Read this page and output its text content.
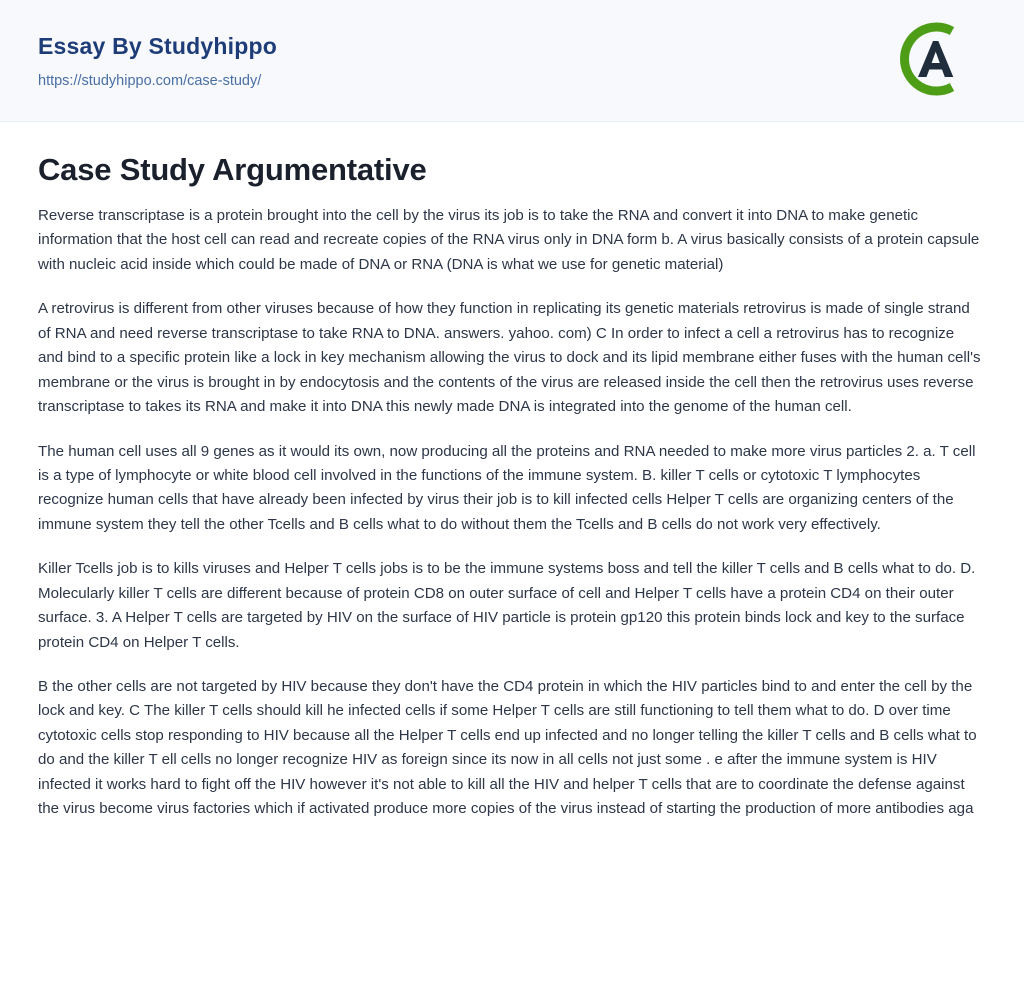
Essay By Studyhippo
https://studyhippo.com/case-study/
Case Study Argumentative

Reverse transcriptase is a protein brought into the cell by the virus its job is to take the RNA and convert it into DNA to make genetic information that the host cell can read and recreate copies of the RNA virus only in DNA form b. A virus basically consists of a protein capsule with nucleic acid inside which could be made of DNA or RNA (DNA is what we use for genetic material)

A retrovirus is different from other viruses because of how they function in replicating its genetic materials retrovirus is made of single strand of RNA and need reverse transcriptase to take RNA to DNA. answers. yahoo. com) C In order to infect a cell a retrovirus has to recognize and bind to a specific protein like a lock in key mechanism allowing the virus to dock and its lipid membrane either fuses with the human cell's membrane or the virus is brought in by endocytosis and the contents of the virus are released inside the cell then the retrovirus uses reverse transcriptase to takes its RNA and make it into DNA this newly made DNA is integrated into the genome of the human cell.

The human cell uses all 9 genes as it would its own, now producing all the proteins and RNA needed to make more virus particles 2. a. T cell is a type of lymphocyte or white blood cell involved in the functions of the immune system. B. killer T cells or cytotoxic T lymphocytes recognize human cells that have already been infected by virus their job is to kill infected cells Helper T cells are organizing centers of the immune system they tell the other Tcells and B cells what to do without them the Tcells and B cells do not work very effectively.

Killer Tcells job is to kills viruses and Helper T cells jobs is to be the immune systems boss and tell the killer T cells and B cells what to do. D. Molecularly killer T cells are different because of protein CD8 on outer surface of cell and Helper T cells have a protein CD4 on their outer surface. 3. A Helper T cells are targeted by HIV on the surface of HIV particle is protein gp120 this protein binds lock and key to the surface protein CD4 on Helper T cells.

B the other cells are not targeted by HIV because they don't have the CD4 protein in which the HIV particles bind to and enter the cell by the lock and key. C The killer T cells should kill he infected cells if some Helper T cells are still functioning to tell them what to do. D over time cytotoxic cells stop responding to HIV because all the Helper T cells end up infected and no longer telling the killer T cells and B cells what to do and the killer T ell cells no longer recognize HIV as foreign since its now in all cells not just some . e after the immune system is HIV infected it works hard to fight off the HIV however it's not able to kill all the HIV and helper T cells that are to coordinate the defense against the virus become virus factories which if activated produce more copies of the virus instead of starting the production of more antibodies aga
